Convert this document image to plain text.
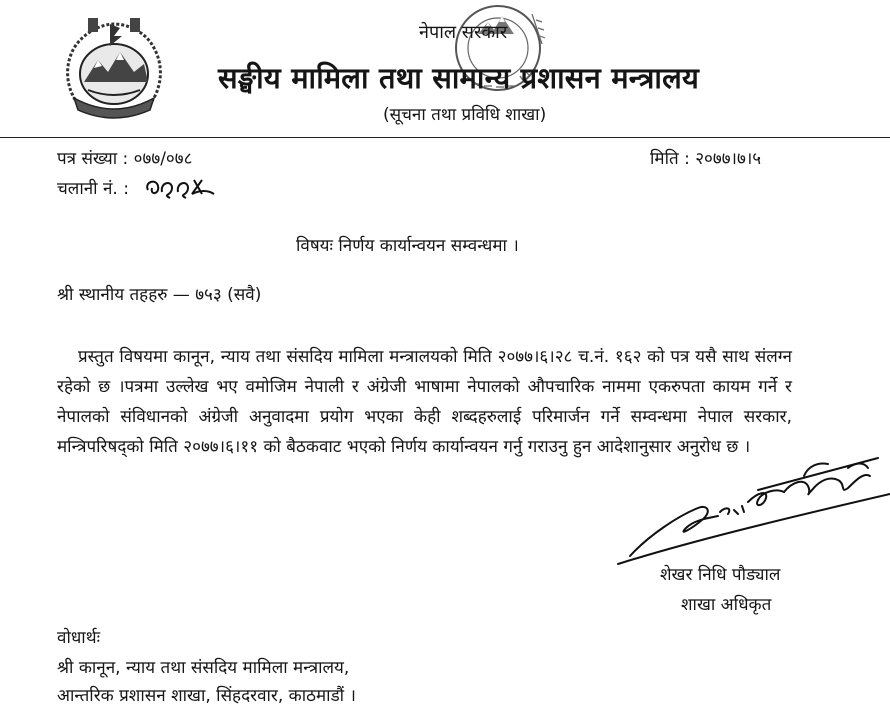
नेपाल सरकार
सङ्घीय मामिला तथा सामान्य प्रशासन मन्त्रालय
(सूचना तथा प्रविधि शाखा)
पत्र संख्या : ०७७/०७८	मिति : २०७७।७।५
चलानी नं. :
विषयः निर्णय कार्यान्वयन सम्वन्धमा ।
श्री स्थानीय तहहरु — ७५३ (सवै)
प्रस्तुत विषयमा कानून, न्याय तथा संसदिय मामिला मन्त्रालयको मिति २०७७।६।२८ च.नं. १६२ को पत्र यसै साथ संलग्न रहेको छ ।पत्रमा उल्लेख भए वमोजिम नेपाली र अंग्रेजी भाषामा नेपालको औपचारिक नाममा एकरुपता कायम गर्ने र नेपालको संविधानको अंग्रेजी अनुवादमा प्रयोग भएका केही शब्दहरुलाई परिमार्जन गर्ने सम्वन्धमा नेपाल सरकार, मन्त्रिपरिषद्को मिति २०७७।६।११ को बैठकवाट भएको निर्णय कार्यान्वयन गर्नु गराउनु हुन आदेशानुसार अनुरोध छ ।
शेखर निधि पौड्याल
शाखा अधिकृत
वोधार्थः
श्री कानून, न्याय तथा संसदिय मामिला मन्त्रालय,
आन्तरिक प्रशासन शाखा, सिंहदरवार, काठमाडौं ।
